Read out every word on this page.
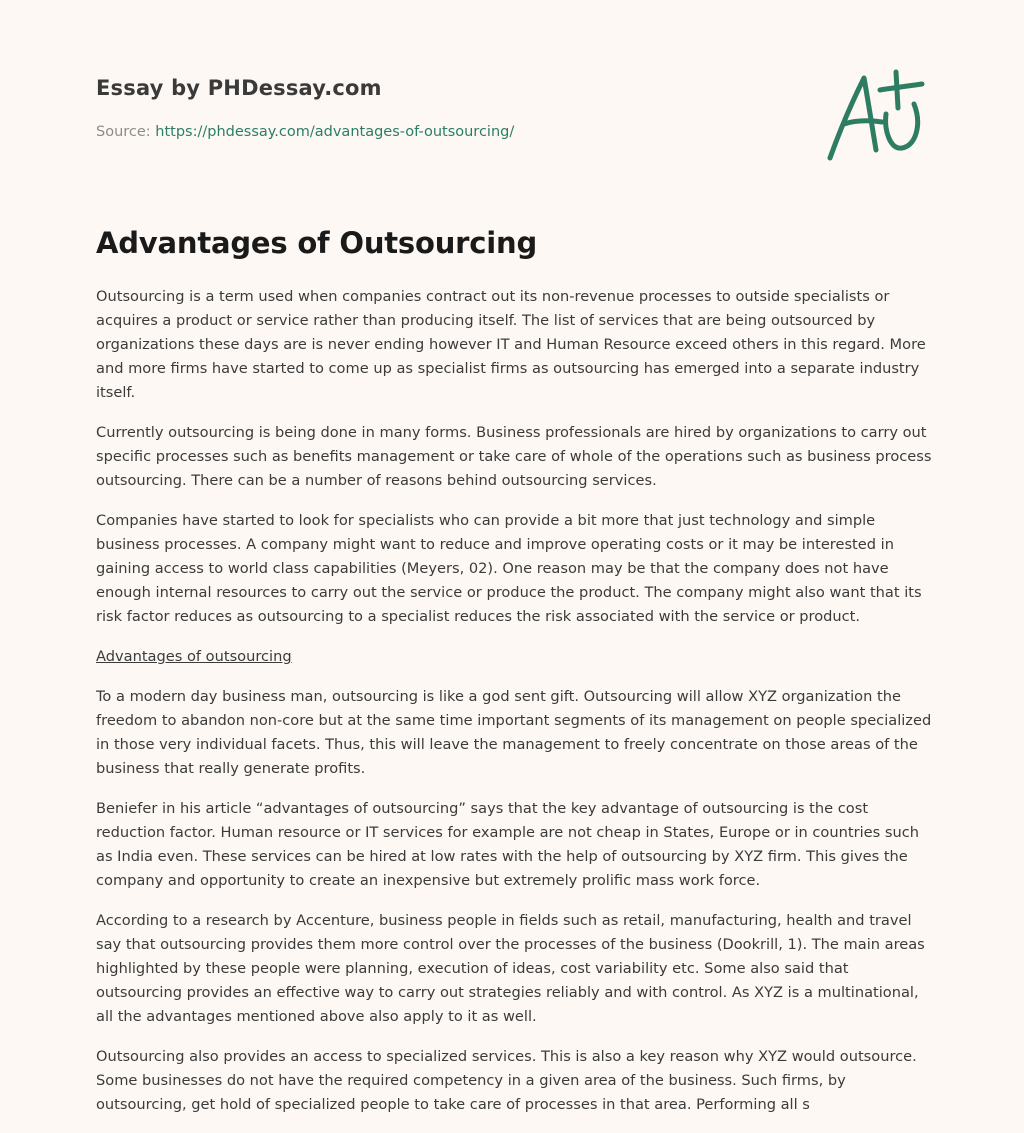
Essay by PHDessay.com

Source: https://phdessay.com/advantages-of-outsourcing/

Advantages of Outsourcing

Outsourcing is a term used when companies contract out its non-revenue processes to outside specialists or acquires a product or service rather than producing itself. The list of services that are being outsourced by organizations these days are is never ending however IT and Human Resource exceed others in this regard. More and more firms have started to come up as specialist firms as outsourcing has emerged into a separate industry itself.

Currently outsourcing is being done in many forms. Business professionals are hired by organizations to carry out specific processes such as benefits management or take care of whole of the operations such as business process outsourcing. There can be a number of reasons behind outsourcing services.

Companies have started to look for specialists who can provide a bit more that just technology and simple business processes. A company might want to reduce and improve operating costs or it may be interested in gaining access to world class capabilities (Meyers, 02). One reason may be that the company does not have enough internal resources to carry out the service or produce the product. The company might also want that its risk factor reduces as outsourcing to a specialist reduces the risk associated with the service or product.

Advantages of outsourcing

To a modern day business man, outsourcing is like a god sent gift. Outsourcing will allow XYZ organization the freedom to abandon non-core but at the same time important segments of its management on people specialized in those very individual facets. Thus, this will leave the management to freely concentrate on those areas of the business that really generate profits.

Beniefer in his article “advantages of outsourcing” says that the key advantage of outsourcing is the cost reduction factor. Human resource or IT services for example are not cheap in States, Europe or in countries such as India even. These services can be hired at low rates with the help of outsourcing by XYZ firm. This gives the company and opportunity to create an inexpensive but extremely prolific mass work force.

According to a research by Accenture, business people in fields such as retail, manufacturing, health and travel say that outsourcing provides them more control over the processes of the business (Dookrill, 1). The main areas highlighted by these people were planning, execution of ideas, cost variability etc. Some also said that outsourcing provides an effective way to carry out strategies reliably and with control. As XYZ is a multinational, all the advantages mentioned above also apply to it as well.

Outsourcing also provides an access to specialized services. This is also a key reason why XYZ would outsource. Some businesses do not have the required competency in a given area of the business. Such firms, by outsourcing, get hold of specialized people to take care of processes in that area. Performing all s
